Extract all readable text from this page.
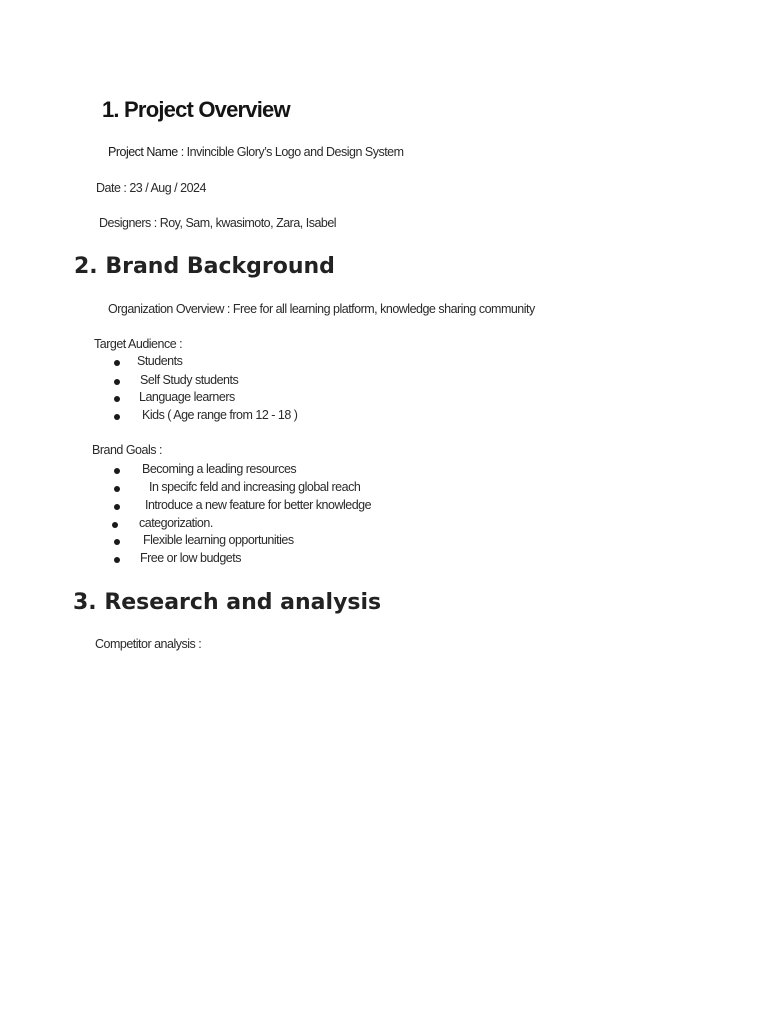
1. Project Overview
Project Name : Invincible Glory’s Logo and Design System
Date : 23 / Aug / 2024
Designers : Roy, Sam, kwasimoto, Zara, Isabel
2. Brand Background
Organization Overview : Free for all learning platform, knowledge sharing community
Target Audience :
Students
Self Study students
Language learners
Kids ( Age range from 12 - 18 )
Brand Goals :
Becoming a leading resources
In specifc feld and increasing global reach
Introduce a new feature for better knowledge
categorization.
Flexible learning opportunities
Free or low budgets
3. Research and analysis
Competitor analysis :
